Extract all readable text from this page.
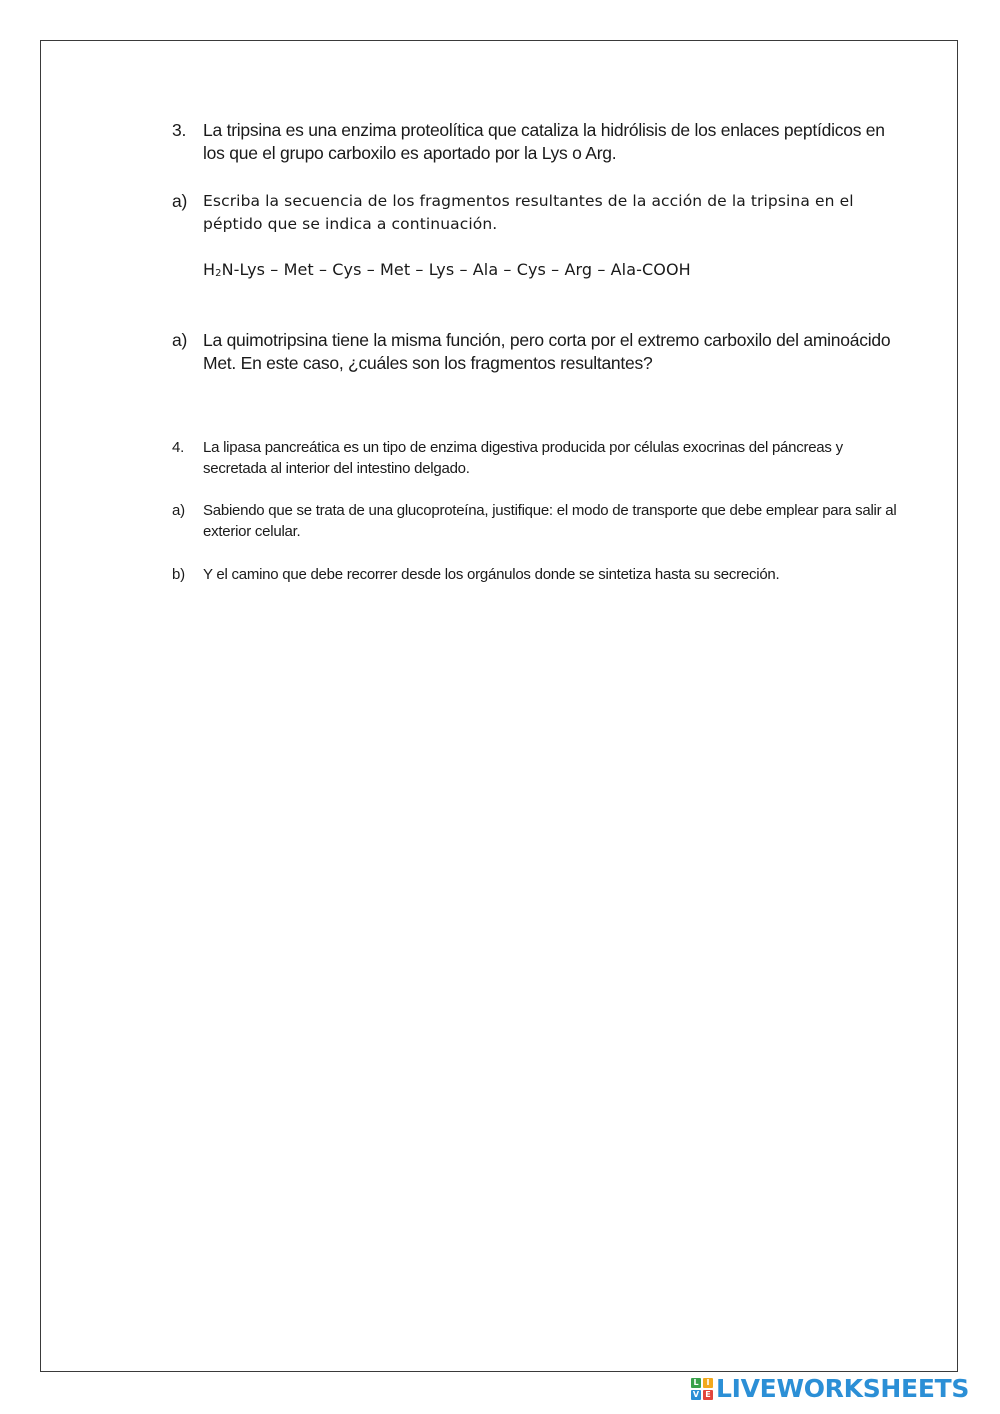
3. La tripsina es una enzima proteolítica que cataliza la hidrólisis de los enlaces peptídicos en los que el grupo carboxilo es aportado por la Lys o Arg.
a)	Escriba la secuencia de los fragmentos resultantes de la acción de la tripsina en el péptido que se indica a continuación.
$H_2N$-Lys – Met – Cys – Met – Lys – Ala – Cys – Arg – Ala-COOH
a) La quimotripsina tiene la misma función, pero corta por el extremo carboxilo del aminoácido Met. En este caso, ¿cuáles son los fragmentos resultantes?
4.	La lipasa pancreática es un tipo de enzima digestiva producida por células exocrinas del páncreas y secretada al interior del intestino delgado.
a)	Sabiendo que se trata de una glucoproteína, justifique: el modo de transporte que debe emplear para salir al exterior celular.
b)	Y el camino que debe recorrer desde los orgánulos donde se sintetiza hasta su secreción.
L I
V E LIVEWORKSHEETS
